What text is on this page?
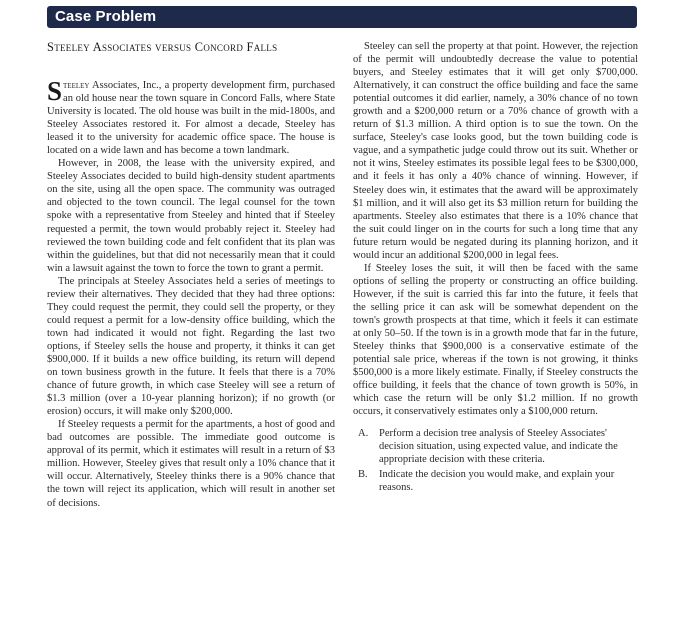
Case Problem
Steeley Associates versus Concord Falls

Steeley Associates, Inc., a property development firm, purchased an old house near the town square in Concord Falls, where State University is located. The old house was built in the mid-1800s, and Steeley Associates restored it. For almost a decade, Steeley has leased it to the university for academic office space. The house is located on a wide lawn and has become a town landmark.

However, in 2008, the lease with the university expired, and Steeley Associates decided to build high-density student apartments on the site, using all the open space. The community was outraged and objected to the town council. The legal counsel for the town spoke with a representative from Steeley and hinted that if Steeley requested a permit, the town would probably reject it. Steeley had reviewed the town building code and felt confident that its plan was within the guidelines, but that did not necessarily mean that it could win a lawsuit against the town to force the town to grant a permit.

The principals at Steeley Associates held a series of meetings to review their alternatives. They decided that they had three options: They could request the permit, they could sell the property, or they could request a permit for a low-density office building, which the town had indicated it would not fight. Regarding the last two options, if Steeley sells the house and property, it thinks it can get $900,000. If it builds a new office building, its return will depend on town business growth in the future. It feels that there is a 70% chance of future growth, in which case Steeley will see a return of $1.3 million (over a 10-year planning horizon); if no growth (or erosion) occurs, it will make only $200,000.

If Steeley requests a permit for the apartments, a host of good and bad outcomes are possible. The immediate good outcome is approval of its permit, which it estimates will result in a return of $3 million. However, Steeley gives that result only a 10% chance that it will occur. Alternatively, Steeley thinks there is a 90% chance that the town will reject its application, which will result in another set of decisions.

Steeley can sell the property at that point. However, the rejection of the permit will undoubtedly decrease the value to potential buyers, and Steeley estimates that it will get only $700,000. Alternatively, it can construct the office building and face the same potential outcomes it did earlier, namely, a 30% chance of no town growth and a $200,000 return or a 70% chance of growth with a return of $1.3 million. A third option is to sue the town. On the surface, Steeley's case looks good, but the town building code is vague, and a sympathetic judge could throw out its suit. Whether or not it wins, Steeley estimates its possible legal fees to be $300,000, and it feels it has only a 40% chance of winning. However, if Steeley does win, it estimates that the award will be approximately $1 million, and it will also get its $3 million return for building the apartments. Steeley also estimates that there is a 10% chance that the suit could linger on in the courts for such a long time that any future return would be negated during its planning horizon, and it would incur an additional $200,000 in legal fees.

If Steeley loses the suit, it will then be faced with the same options of selling the property or constructing an office building. However, if the suit is carried this far into the future, it feels that the selling price it can ask will be somewhat dependent on the town's growth prospects at that time, which it feels it can estimate at only 50–50. If the town is in a growth mode that far in the future, Steeley thinks that $900,000 is a conservative estimate of the potential sale price, whereas if the town is not growing, it thinks $500,000 is a more likely estimate. Finally, if Steeley constructs the office building, it feels that the chance of town growth is 50%, in which case the return will be only $1.2 million. If no growth occurs, it conservatively estimates only a $100,000 return.

A.	Perform a decision tree analysis of Steeley Associates' decision situation, using expected value, and indicate the appropriate decision with these criteria.
B.	Indicate the decision you would make, and explain your reasons.
